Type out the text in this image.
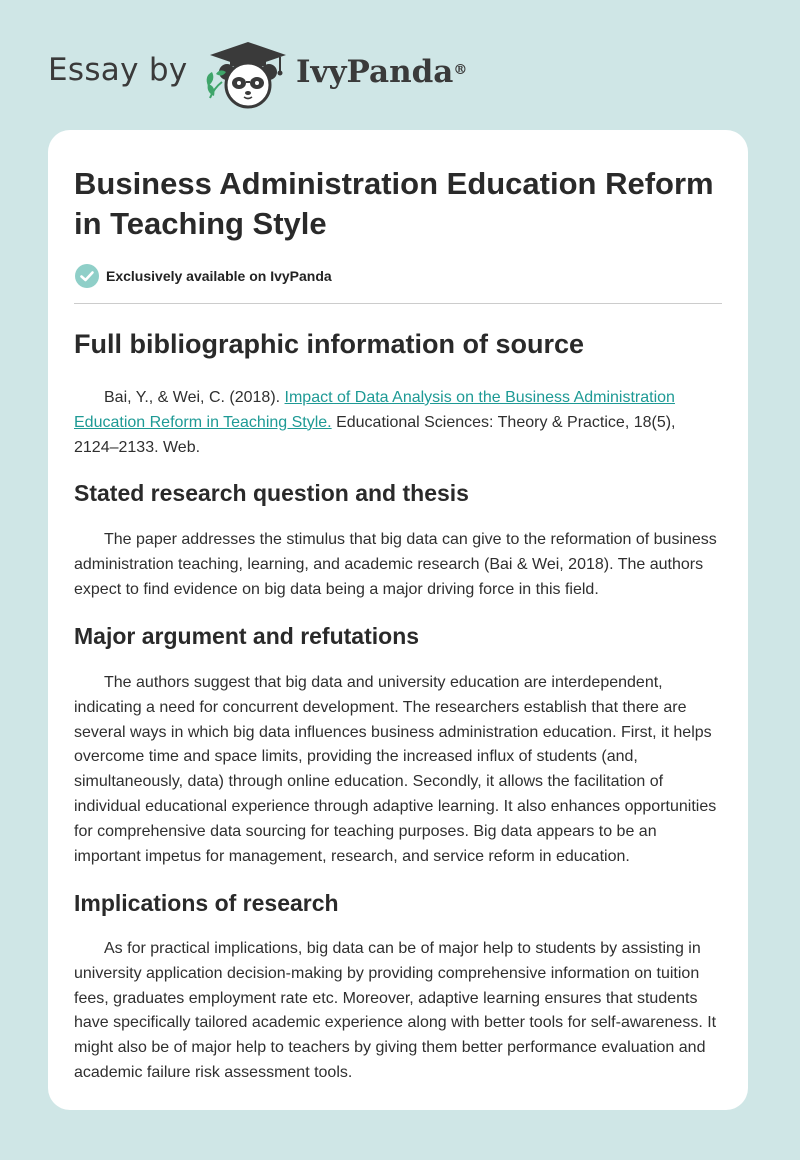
Essay by	IvyPanda®
Business Administration Education Reform in Teaching Style
Exclusively available on IvyPanda
Full bibliographic information of source

Bai, Y., & Wei, C. (2018). Impact of Data Analysis on the Business Administration Education Reform in Teaching Style. Educational Sciences: Theory & Practice, 18(5), 2124–2133. Web.

Stated research question and thesis

The paper addresses the stimulus that big data can give to the reformation of business administration teaching, learning, and academic research (Bai & Wei, 2018). The authors expect to find evidence on big data being a major driving force in this field.

Major argument and refutations

The authors suggest that big data and university education are interdependent, indicating a need for concurrent development. The researchers establish that there are several ways in which big data influences business administration education. First, it helps overcome time and space limits, providing the increased influx of students (and, simultaneously, data) through online education. Secondly, it allows the facilitation of individual educational experience through adaptive learning. It also enhances opportunities for comprehensive data sourcing for teaching purposes. Big data appears to be an important impetus for management, research, and service reform in education.

Implications of research

As for practical implications, big data can be of major help to students by assisting in university application decision-making by providing comprehensive information on tuition fees, graduates employment rate etc. Moreover, adaptive learning ensures that students have specifically tailored academic experience along with better tools for self-awareness. It might also be of major help to teachers by giving them better performance evaluation and academic failure risk assessment tools.
